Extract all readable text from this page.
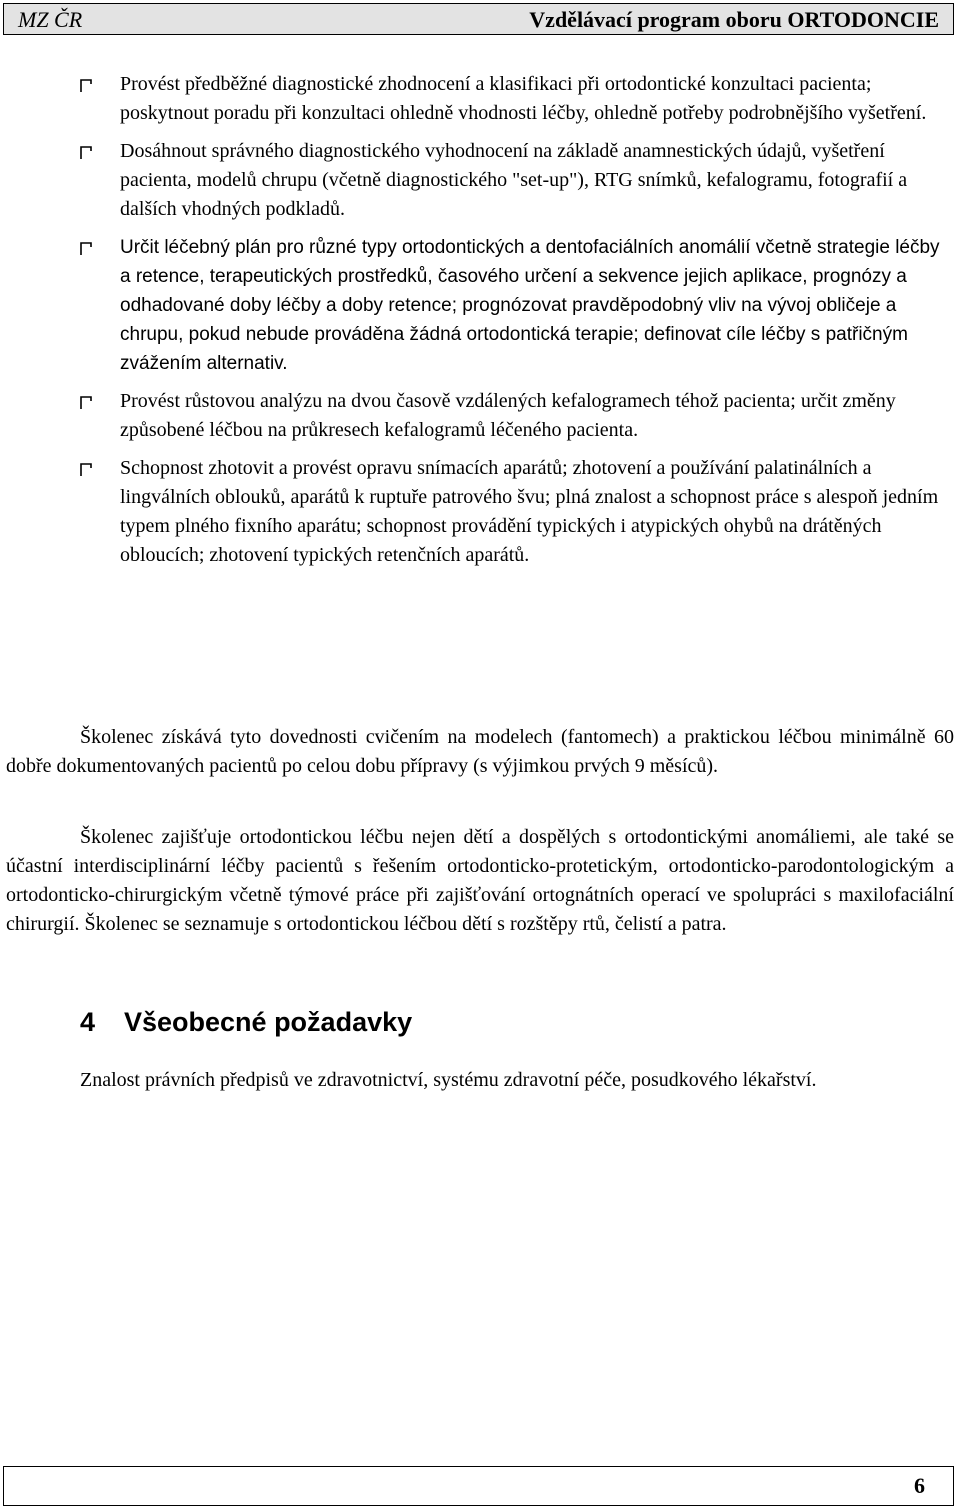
MZ ČR	Vzdělávací program oboru ORTODONCIE
Provést předběžné diagnostické zhodnocení a klasifikaci při ortodontické konzultaci pacienta; poskytnout poradu při konzultaci ohledně vhodnosti léčby, ohledně potřeby podrobnějšího vyšetření.
Dosáhnout správného diagnostického vyhodnocení na základě anamnestických údajů, vyšetření pacienta, modelů chrupu (včetně diagnostického "set-up"), RTG snímků, kefalogramu, fotografií a dalších vhodných podkladů.
Určit léčebný plán pro různé typy ortodontických a dentofaciálních anomálií včetně strategie léčby a retence, terapeutických prostředků, časového určení a sekvence jejich aplikace, prognózy a odhadované doby léčby a doby retence; prognózovat pravděpodobný vliv na vývoj obličeje a chrupu, pokud nebude prováděna žádná ortodontická terapie; definovat cíle léčby s patřičným zvážením alternativ.
Provést růstovou analýzu na dvou časově vzdálených kefalogramech téhož pacienta; určit změny způsobené léčbou na průkresech kefalogramů léčeného pacienta.
Schopnost zhotovit a provést opravu snímacích aparátů; zhotovení a používání palatinálních a lingválních oblouků, aparátů k ruptuře patrového švu; plná znalost a schopnost práce s alespoň jedním typem plného fixního aparátu; schopnost provádění typických i atypických ohybů na drátěných obloucích; zhotovení typických retenčních aparátů.

Školenec získává tyto dovednosti cvičením na modelech (fantomech) a praktickou léčbou minimálně 60 dobře dokumentovaných pacientů po celou dobu přípravy (s výjimkou prvých 9 měsíců).

Školenec zajišťuje ortodontickou léčbu nejen dětí a dospělých s ortodontickými anomáliemi, ale také se účastní interdisciplinární léčby pacientů s řešením ortodonticko-protetickým, ortodonticko-parodontologickým a ortodonticko-chirurgickým včetně týmové práce při zajišťování ortognátních operací ve spolupráci s maxilofaciální chirurgií. Školenec se seznamuje s ortodontickou léčbou dětí s rozštěpy rtů, čelistí a patra.

4 Všeobecné požadavky

Znalost právních předpisů ve zdravotnictví, systému zdravotní péče, posudkového lékařství.

6
